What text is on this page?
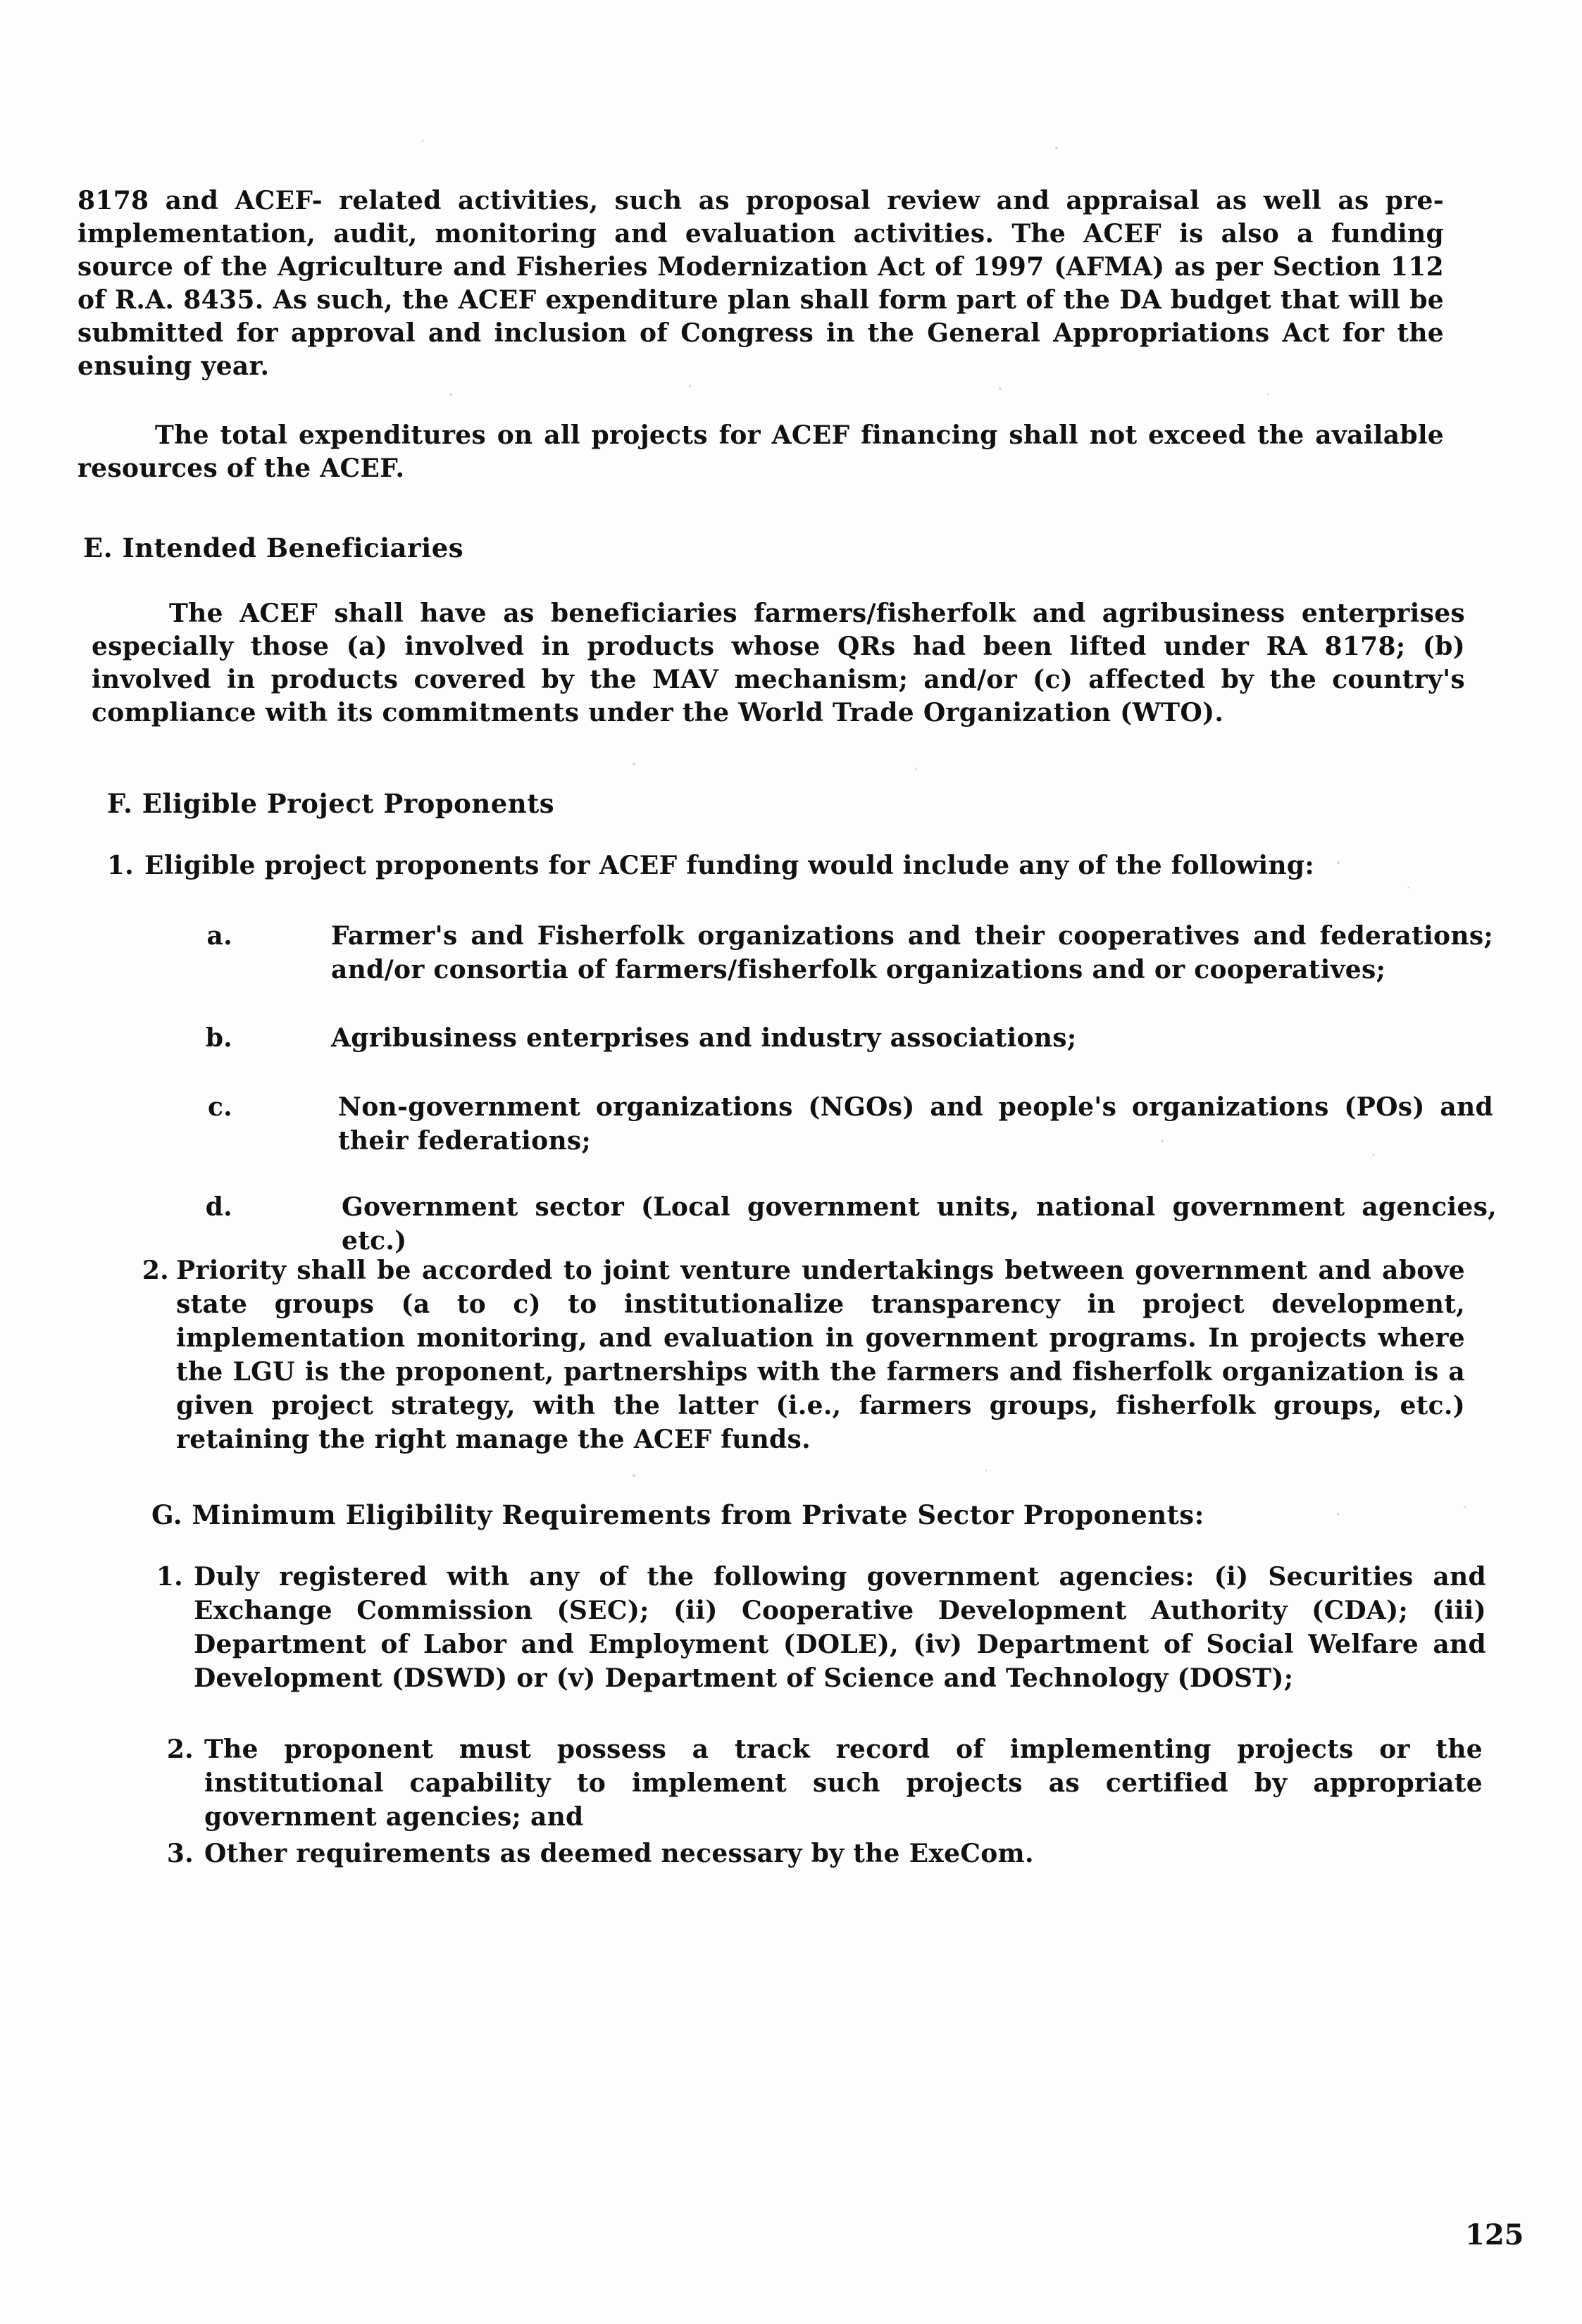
8178 and ACEF- related activities, such as proposal review and appraisal as well as pre-implementation, audit, monitoring and evaluation activities. The ACEF is also a funding source of the Agriculture and Fisheries Modernization Act of 1997 (AFMA) as per Section 112 of R.A. 8435. As such, the ACEF expenditure plan shall form part of the DA budget that will be submitted for approval and inclusion of Congress in the General Appropriations Act for the ensuing year.

The total expenditures on all projects for ACEF financing shall not exceed the available resources of the ACEF.

E. Intended Beneficiaries

The ACEF shall have as beneficiaries farmers/fisherfolk and agribusiness enterprises especially those (a) involved in products whose QRs had been lifted under RA 8178; (b) involved in products covered by the MAV mechanism; and/or (c) affected by the country's compliance with its commitments under the World Trade Organization (WTO).

F. Eligible Project Proponents
1. Eligible project proponents for ACEF funding would include any of the following:
a.	Farmer's and Fisherfolk organizations and their cooperatives and federations; and/or consortia of farmers/fisherfolk organizations and or cooperatives;
b.	Agribusiness enterprises and industry associations;
c.	Non-government organizations (NGOs) and people's organizations (POs) and their federations;
d.	Government sector (Local government units, national government agencies, etc.)
2. Priority shall be accorded to joint venture undertakings between government and above state groups (a to c) to institutionalize transparency in project development, implementation monitoring, and evaluation in government programs. In projects where the LGU is the proponent, partnerships with the farmers and fisherfolk organization is a given project strategy, with the latter (i.e., farmers groups, fisherfolk groups, etc.) retaining the right manage the ACEF funds.
G. Minimum Eligibility Requirements from Private Sector Proponents:
1. Duly registered with any of the following government agencies: (i) Securities and Exchange Commission (SEC); (ii) Cooperative Development Authority (CDA); (iii) Department of Labor and Employment (DOLE), (iv) Department of Social Welfare and Development (DSWD) or (v) Department of Science and Technology (DOST);
2. The proponent must possess a track record of implementing projects or the institutional capability to implement such projects as certified by appropriate government agencies; and
3. Other requirements as deemed necessary by the ExeCom.
125
